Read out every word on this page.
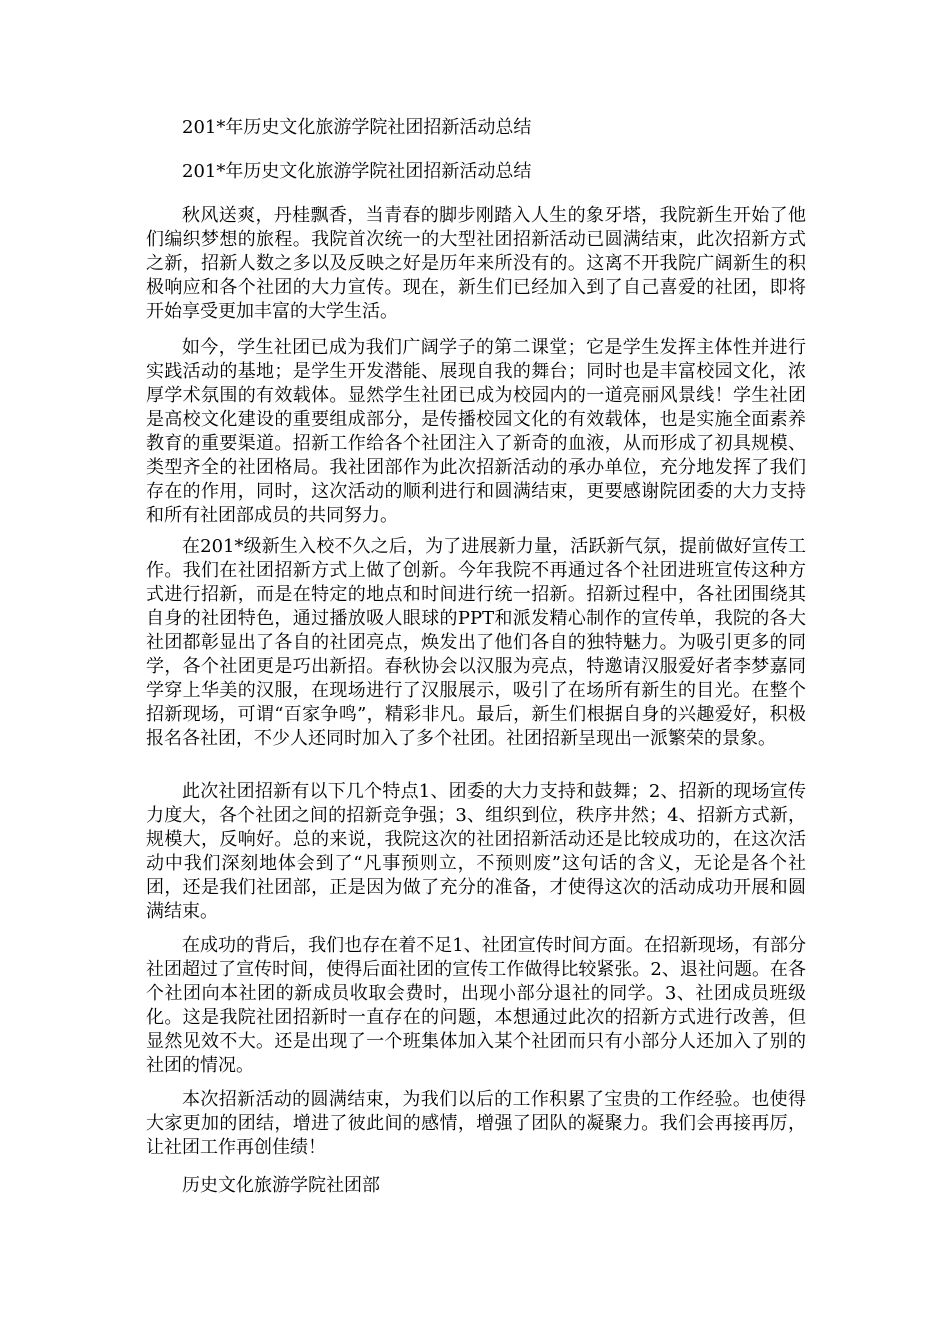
201*年历史文化旅游学院社团招新活动总结

201*年历史文化旅游学院社团招新活动总结

秋风送爽，丹桂飘香，当青春的脚步刚踏入人生的象牙塔，我院新生开始了他们编织梦想的旅程。我院首次统一的大型社团招新活动已圆满结束，此次招新方式之新，招新人数之多以及反映之好是历年来所没有的。这离不开我院广阔新生的积极响应和各个社团的大力宣传。现在，新生们已经加入到了自己喜爱的社团，即将开始享受更加丰富的大学生活。

如今，学生社团已成为我们广阔学子的第二课堂；它是学生发挥主体性并进行实践活动的基地；是学生开发潜能、展现自我的舞台；同时也是丰富校园文化，浓厚学术氛围的有效载体。显然学生社团已成为校园内的一道亮丽风景线！学生社团是高校文化建设的重要组成部分，是传播校园文化的有效载体，也是实施全面素养教育的重要渠道。招新工作给各个社团注入了新奇的血液，从而形成了初具规模、类型齐全的社团格局。我社团部作为此次招新活动的承办单位，充分地发挥了我们存在的作用，同时，这次活动的顺利进行和圆满结束，更要感谢院团委的大力支持和所有社团部成员的共同努力。

在201*级新生入校不久之后，为了进展新力量，活跃新气氛，提前做好宣传工作。我们在社团招新方式上做了创新。今年我院不再通过各个社团进班宣传这种方式进行招新，而是在特定的地点和时间进行统一招新。招新过程中，各社团围绕其自身的社团特色，通过播放吸人眼球的PPT和派发精心制作的宣传单，我院的各大社团都彰显出了各自的社团亮点，焕发出了他们各自的独特魅力。为吸引更多的同学，各个社团更是巧出新招。春秋协会以汉服为亮点，特邀请汉服爱好者李梦嘉同学穿上华美的汉服，在现场进行了汉服展示，吸引了在场所有新生的目光。在整个招新现场，可谓“百家争鸣”，精彩非凡。最后，新生们根据自身的兴趣爱好，积极报名各社团，不少人还同时加入了多个社团。社团招新呈现出一派繁荣的景象。

此次社团招新有以下几个特点1、团委的大力支持和鼓舞；2、招新的现场宣传力度大，各个社团之间的招新竞争强；3、组织到位，秩序井然；4、招新方式新，规模大，反响好。总的来说，我院这次的社团招新活动还是比较成功的，在这次活动中我们深刻地体会到了“凡事预则立，不预则废”这句话的含义，无论是各个社团，还是我们社团部，正是因为做了充分的准备，才使得这次的活动成功开展和圆满结束。

在成功的背后，我们也存在着不足1、社团宣传时间方面。在招新现场，有部分社团超过了宣传时间，使得后面社团的宣传工作做得比较紧张。2、退社问题。在各个社团向本社团的新成员收取会费时，出现小部分退社的同学。3、社团成员班级化。这是我院社团招新时一直存在的问题，本想通过此次的招新方式进行改善，但显然见效不大。还是出现了一个班集体加入某个社团而只有小部分人还加入了别的社团的情况。

本次招新活动的圆满结束，为我们以后的工作积累了宝贵的工作经验。也使得大家更加的团结，增进了彼此间的感情，增强了团队的凝聚力。我们会再接再厉，让社团工作再创佳绩！

历史文化旅游学院社团部
